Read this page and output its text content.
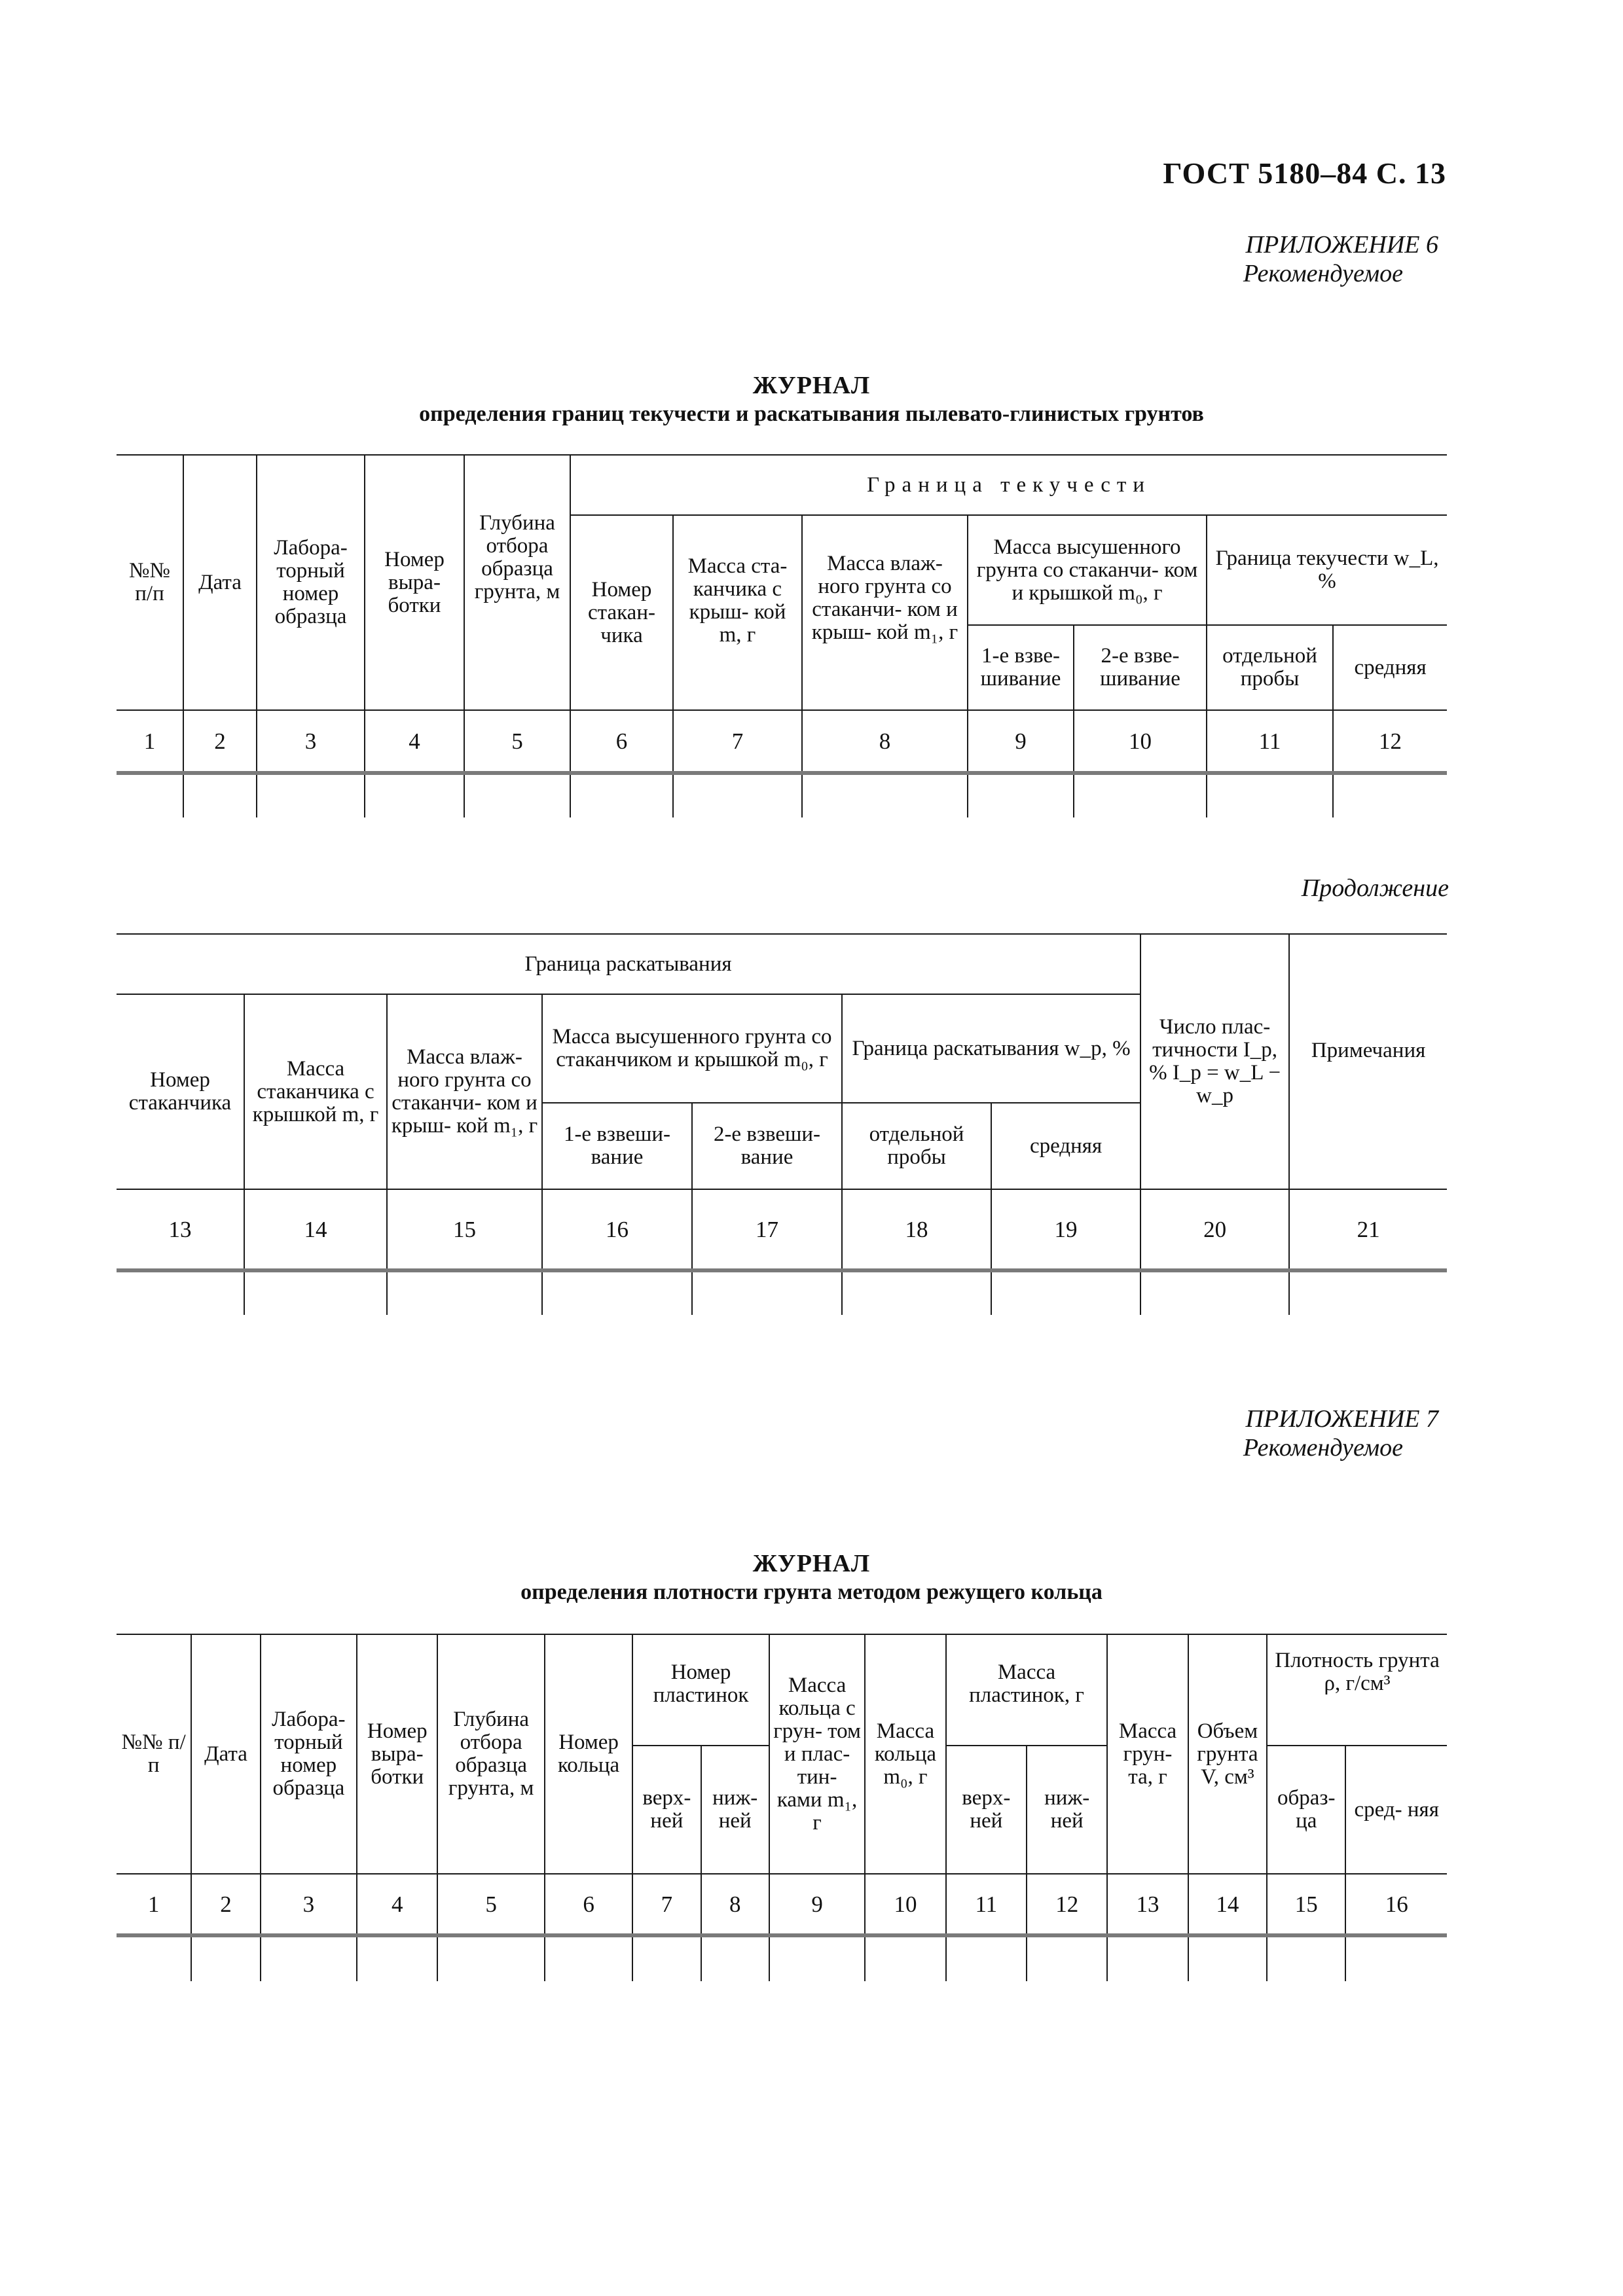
ГОСТ 5180–84 С. 13
ПРИЛОЖЕНИЕ 6
Рекомендуемое
ЖУРНАЛ
определения границ текучести и раскатывания пылевато-глинистых грунтов
№№ п/п	Дата	Лабора- торный номер образца	Номер выра- ботки	Глубина отбора образца грунта, м	Граница текучести						
					Номер стакан- чика	Масса ста- канчика с крыш- кой m, г	Масса влаж- ного грунта со стаканчи- ком и крыш- кой m₁, г	Масса высушенного грунта со стаканчи- ком и крышкой m₀, г		Граница текучести w_L, %	
								1-е взве- шивание	2-е взве- шивание	отдельной пробы	средняя
1	2	3	4	5	6	7	8	9	10	11	12

Продолжение
Граница раскатывания							Число плас- тичности I_p, % I_p = w_L − w_p	Примечания
Номер стаканчика	Масса стаканчика с крышкой m, г	Масса влаж- ного грунта со стаканчи- ком и крыш- кой m₁, г	Масса высушенного грунта со стаканчиком и крышкой m₀, г		Граница раскатывания w_p, %			
			1-е взвеши- вание	2-е взвеши- вание	отдельной пробы	средняя		
13	14	15	16	17	18	19	20	21

ПРИЛОЖЕНИЕ 7
Рекомендуемое
ЖУРНАЛ
определения плотности грунта методом режущего кольца
№№ п/п	Дата	Лабора- торный номер образца	Номер выра- ботки	Глубина отбора образца грунта, м	Номер кольца	Номер пластинок		Масса кольца с грун- том и плас- тин- ками m₁, г	Масса кольца m₀, г	Масса пластинок, г		Масса грун- та, г	Объем грунта V, см³	Плотность грунта ρ, г/см³	
						верх- ней	ниж- ней			верх- ней	ниж- ней			образ- ца	сред- няя
1	2	3	4	5	6	7	8	9	10	11	12	13	14	15	16
